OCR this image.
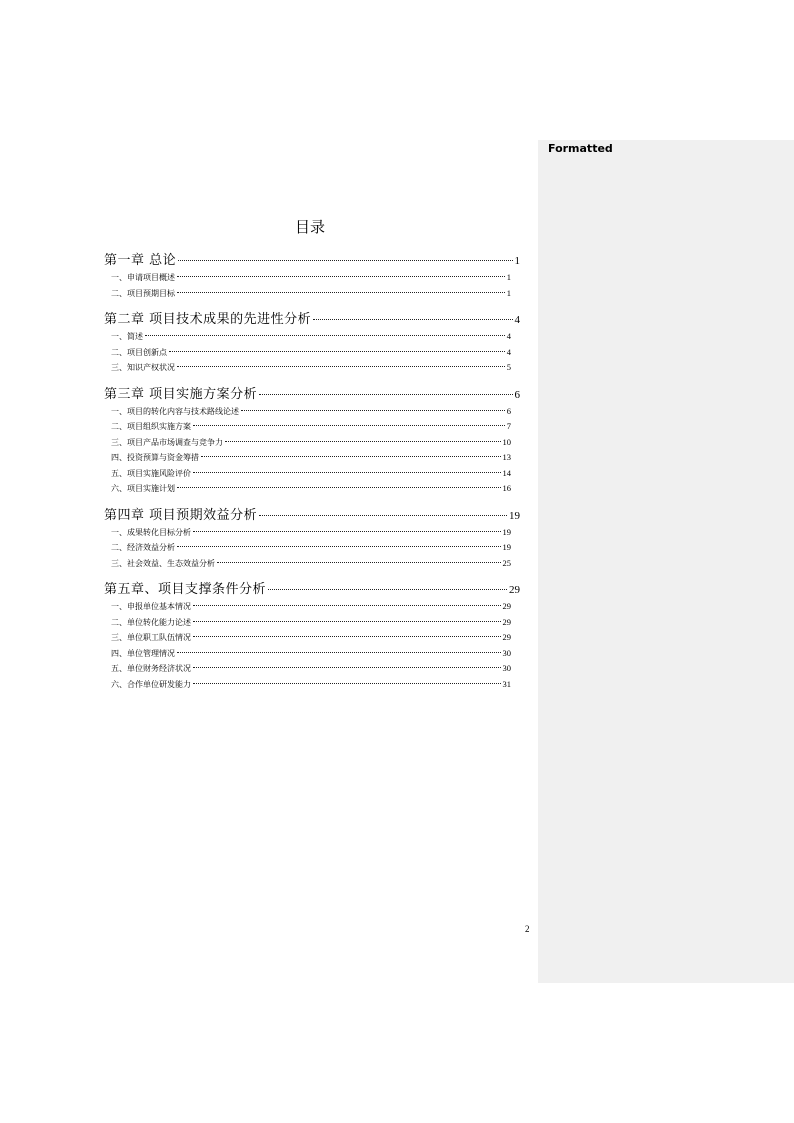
Formatted
目录
第一章 总论	1
一、申请项目概述	1
二、项目预期目标	1
第二章 项目技术成果的先进性分析	4
一、简述	4
二、项目创新点	4
三、知识产权状况	5
第三章 项目实施方案分析	6
一、项目的转化内容与技术路线论述	6
二、项目组织实施方案	7
三、项目产品市场调查与竞争力	10
四、投资预算与资金筹措	13
五、项目实施风险评价	14
六、项目实施计划	16
第四章 项目预期效益分析	19
一、成果转化目标分析	19
二、经济效益分析	19
三、社会效益、生态效益分析	25
第五章、项目支撑条件分析	29
一、申报单位基本情况	29
二、单位转化能力论述	29
三、单位职工队伍情况	29
四、单位管理情况	30
五、单位财务经济状况	30
六、合作单位研发能力	31
2
